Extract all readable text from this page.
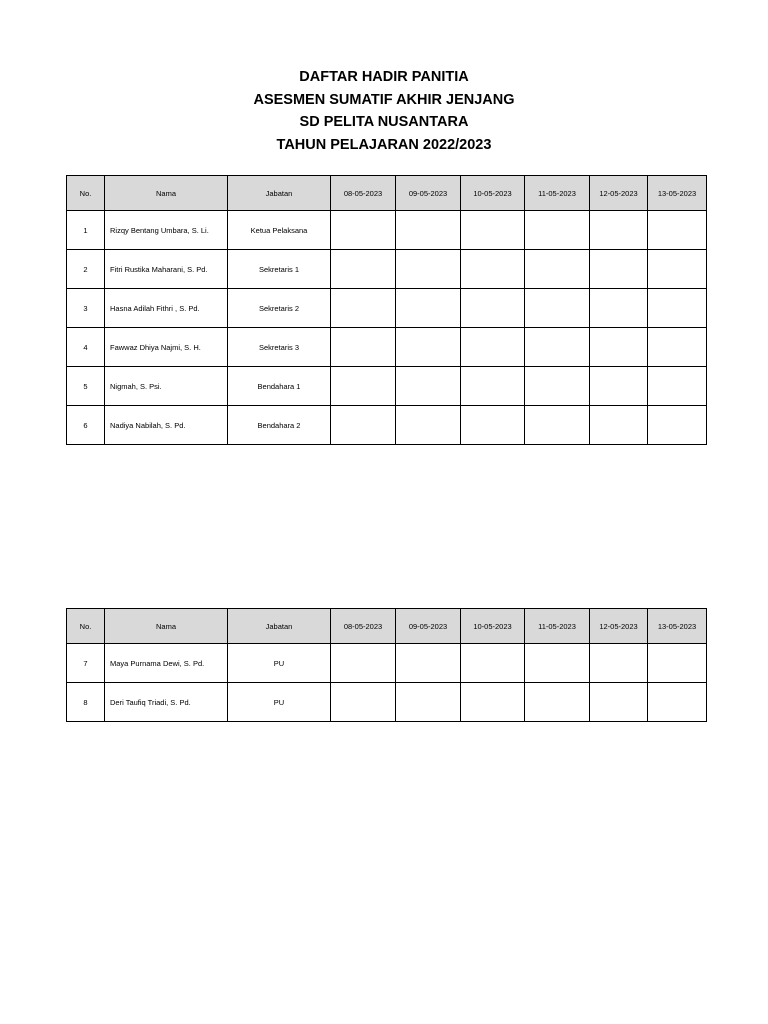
DAFTAR HADIR PANITIA
ASESMEN SUMATIF AKHIR JENJANG
SD PELITA NUSANTARA
TAHUN PELAJARAN 2022/2023
No.	Nama	Jabatan	08-05-2023	09-05-2023	10-05-2023	11-05-2023	12-05-2023	13-05-2023
1	Rizqy Bentang Umbara, S. Li.	Ketua Pelaksana						
2	Fitri Rustika Maharani, S. Pd.	Sekretaris 1						
3	Hasna Adilah Fithri , S. Pd.	Sekretaris 2						
4	Fawwaz Dhiya Najmi, S. H.	Sekretaris 3						
5	Nigmah, S. Psi.	Bendahara 1						
6	Nadiya Nabilah, S. Pd.	Bendahara 2						
No.	Nama	Jabatan	08-05-2023	09-05-2023	10-05-2023	11-05-2023	12-05-2023	13-05-2023
7	Maya Purnama Dewi, S. Pd.	PU						
8	Deri Taufiq Triadi, S. Pd.	PU						
